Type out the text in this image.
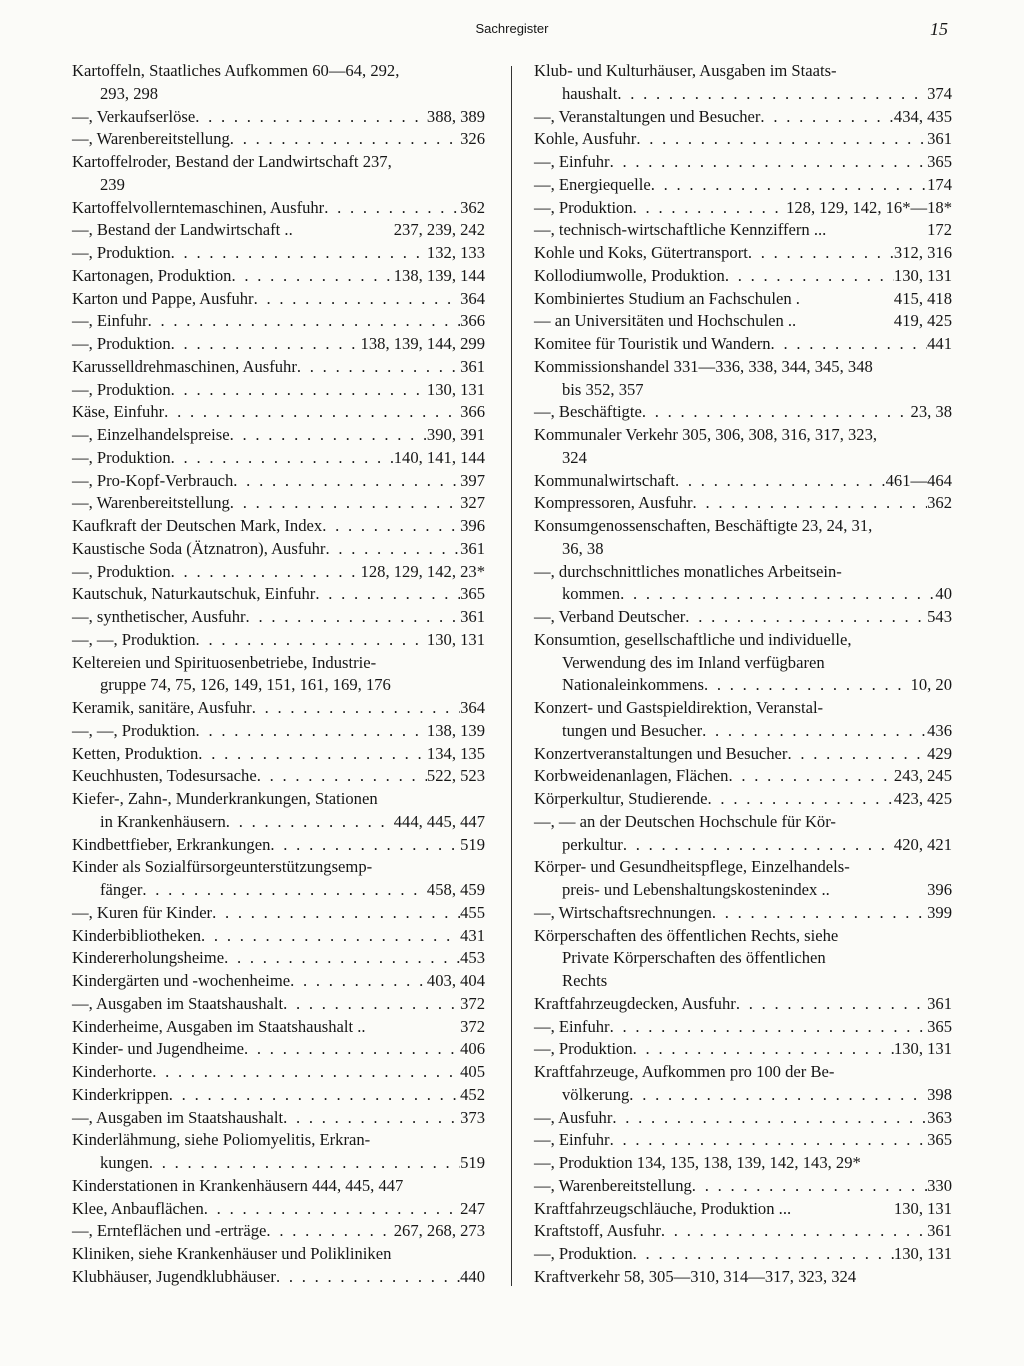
Sachregister	15
Kartoffeln, Staatliches Aufkommen 60—64, 292,
293, 298
—, Verkaufserlöse . . .	388, 389
—, Warenbereitstellung . . .	326
Kartoffelroder, Bestand der Landwirtschaft 237,
239
Kartoffelvollerntemaschinen, Ausfuhr . . .	362
—, Bestand der Landwirtschaft ..	237, 239, 242
—, Produktion . . .	132, 133
Kartonagen, Produktion . . .	138, 139, 144
Karton und Pappe, Ausfuhr . . .	364
—, Einfuhr . . .	366
—, Produktion . . .	138, 139, 144, 299
Karusselldrehmaschinen, Ausfuhr . . .	361
—, Produktion . . .	130, 131
Käse, Einfuhr . . .	366
—, Einzelhandelspreise . . .	390, 391
—, Produktion . . .	140, 141, 144
—, Pro-Kopf-Verbrauch . . .	397
—, Warenbereitstellung . . .	327
Kaufkraft der Deutschen Mark, Index . . .	396
Kaustische Soda (Ätznatron), Ausfuhr . . .	361
—, Produktion . . .	128, 129, 142, 23*
Kautschuk, Naturkautschuk, Einfuhr . . .	365
—, synthetischer, Ausfuhr . . .	361
—, —, Produktion . . .	130, 131
Keltereien und Spirituosenbetriebe, Industrie-
gruppe 74, 75, 126, 149, 151, 161, 169, 176
Keramik, sanitäre, Ausfuhr . . .	364
—, —, Produktion . . .	138, 139
Ketten, Produktion . . .	134, 135
Keuchhusten, Todesursache . . .	522, 523
Kiefer-, Zahn-, Munderkrankungen, Stationen
in Krankenhäusern . . .	444, 445, 447
Kindbettfieber, Erkrankungen . . .	519
Kinder als Sozialfürsorgeunterstützungsemp-
fänger . . .	458, 459
—, Kuren für Kinder . . .	455
Kinderbibliotheken . . .	431
Kindererholungsheime . . .	453
Kindergärten und -wochenheime . . .	403, 404
—, Ausgaben im Staatshaushalt . . .	372
Kinderheime, Ausgaben im Staatshaushalt ..	372
Kinder- und Jugendheime . . .	406
Kinderhorte . . .	405
Kinderkrippen . . .	452
—, Ausgaben im Staatshaushalt . . .	373
Kinderlähmung, siehe Poliomyelitis, Erkran-
kungen . . .	519
Kinderstationen in Krankenhäusern 444, 445, 447
Klee, Anbauflächen . . .	247
—, Ernteflächen und -erträge . . .	267, 268, 273
Kliniken, siehe Krankenhäuser und Polikliniken
Klubhäuser, Jugendklubhäuser . . .	440
Klub- und Kulturhäuser, Ausgaben im Staats-
haushalt . . .	374
—, Veranstaltungen und Besucher . . .	434, 435
Kohle, Ausfuhr . . .	361
—, Einfuhr . . .	365
—, Energiequelle . . .	174
—, Produktion . . .	128, 129, 142, 16*—18*
—, technisch-wirtschaftliche Kennziffern ...	172
Kohle und Koks, Gütertransport . . .	312, 316
Kollodiumwolle, Produktion . . .	130, 131
Kombiniertes Studium an Fachschulen .	415, 418
— an Universitäten und Hochschulen ..	419, 425
Komitee für Touristik und Wandern . . .	441
Kommissionshandel 331—336, 338, 344, 345, 348
bis 352, 357
—, Beschäftigte . . .	23, 38
Kommunaler Verkehr 305, 306, 308, 316, 317, 323,
324
Kommunalwirtschaft . . .	461—464
Kompressoren, Ausfuhr . . .	362
Konsumgenossenschaften, Beschäftigte 23, 24, 31,
36, 38
—, durchschnittliches monatliches Arbeitsein-
kommen . . .	40
—, Verband Deutscher . . .	543
Konsumtion, gesellschaftliche und individuelle,
Verwendung des im Inland verfügbaren
Nationaleinkommens . . .	10, 20
Konzert- und Gastspieldirektion, Veranstal-
tungen und Besucher . . .	436
Konzertveranstaltungen und Besucher . . .	429
Korbweidenanlagen, Flächen . . .	243, 245
Körperkultur, Studierende . . .	423, 425
—, — an der Deutschen Hochschule für Kör-
perkultur . . .	420, 421
Körper- und Gesundheitspflege, Einzelhandels-
preis- und Lebenshaltungskostenindex ..	396
—, Wirtschaftsrechnungen . . .	399
Körperschaften des öffentlichen Rechts, siehe
Private Körperschaften des öffentlichen
Rechts
Kraftfahrzeugdecken, Ausfuhr . . .	361
—, Einfuhr . . .	365
—, Produktion . . .	130, 131
Kraftfahrzeuge, Aufkommen pro 100 der Be-
völkerung . . .	398
—, Ausfuhr . . .	363
—, Einfuhr . . .	365
—, Produktion 134, 135, 138, 139, 142, 143, 29*
—, Warenbereitstellung . . .	330
Kraftfahrzeugschläuche, Produktion ...	130, 131
Kraftstoff, Ausfuhr . . .	361
—, Produktion . . .	130, 131
Kraftverkehr 58, 305—310, 314—317, 323, 324
